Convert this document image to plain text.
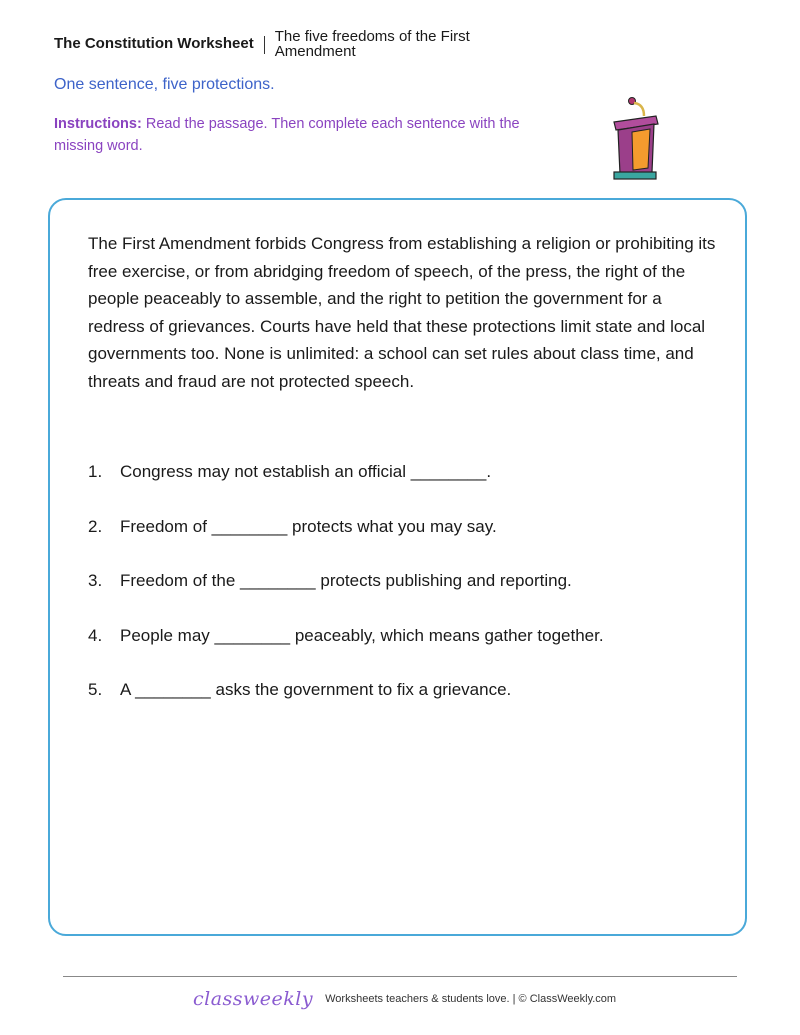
The Constitution Worksheet The five freedoms of the First Amendment
One sentence, five protections.
Instructions: Read the passage. Then complete each sentence with the missing word.
The First Amendment forbids Congress from establishing a religion or prohibiting its free exercise, or from abridging freedom of speech, of the press, the right of the people peaceably to assemble, and the right to petition the government for a redress of grievances. Courts have held that these protections limit state and local governments too. None is unlimited: a school can set rules about class time, and threats and fraud are not protected speech.
1.	Congress may not establish an official ________.
2.	Freedom of ________ protects what you may say.
3.	Freedom of the ________ protects publishing and reporting.
4.	People may ________ peaceably, which means gather together.
5.	A ________ asks the government to fix a grievance.
classweekly Worksheets teachers & students love. | © ClassWeekly.com
